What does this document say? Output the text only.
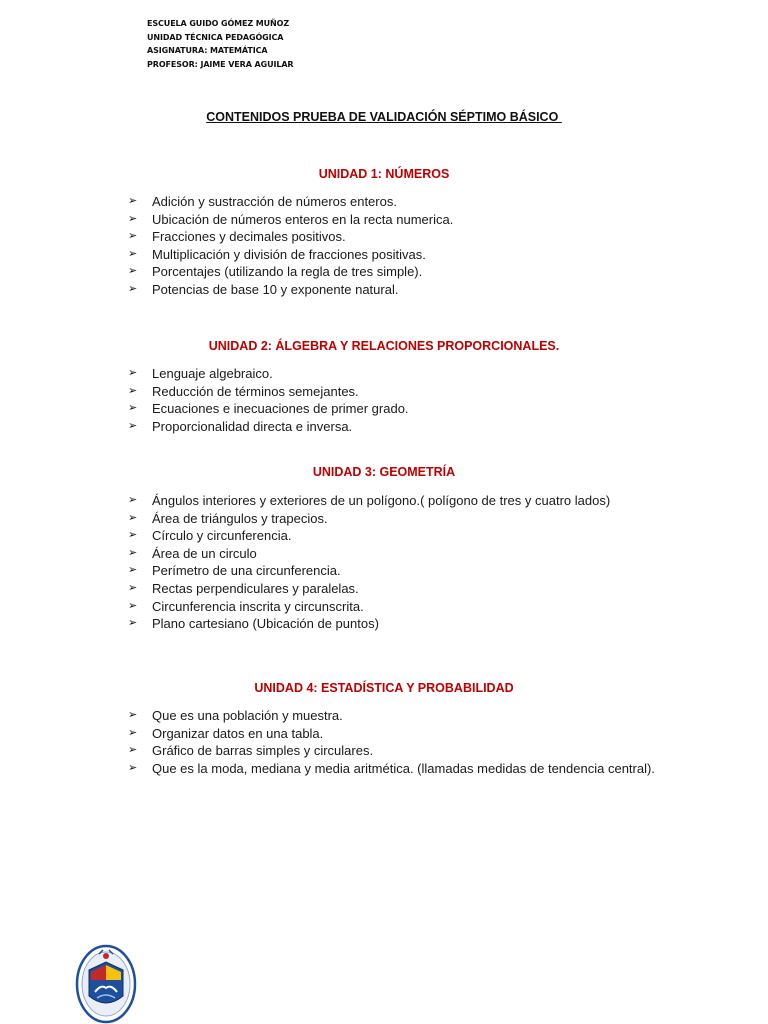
ESCUELA GUIDO GÓMEZ MUÑOZ
UNIDAD TÉCNICA PEDAGÓGICA
ASIGNATURA: MATEMÁTICA
PROFESOR: JAIME VERA AGUILAR
CONTENIDOS PRUEBA DE VALIDACIÓN SÉPTIMO BÁSICO
UNIDAD 1: NÚMEROS
➢ Adición y sustracción de números enteros.
➢ Ubicación de números enteros en la recta numerica.
➢ Fracciones y decimales positivos.
➢ Multiplicación y división de fracciones positivas.
➢ Porcentajes (utilizando la regla de tres simple).
➢ Potencias de base 10 y exponente natural.
UNIDAD 2: ÁLGEBRA Y RELACIONES PROPORCIONALES.
➢ Lenguaje algebraico.
➢ Reducción de términos semejantes.
➢ Ecuaciones e inecuaciones de primer grado.
➢ Proporcionalidad directa e inversa.
UNIDAD 3: GEOMETRÍA
➢ Ángulos interiores y exteriores de un polígono.( polígono de tres y cuatro lados)
➢ Área de triángulos y trapecios.
➢ Círculo y circunferencia.
➢ Área de un circulo
➢ Perímetro de una circunferencia.
➢ Rectas perpendiculares y paralelas.
➢ Circunferencia inscrita y circunscrita.
➢ Plano cartesiano (Ubicación de puntos)
UNIDAD 4: ESTADÍSTICA Y PROBABILIDAD
➢ Que es una población y muestra.
➢ Organizar datos en una tabla.
➢ Gráfico de barras simples y circulares.
➢ Que es la moda, mediana y media aritmética. (llamadas medidas de tendencia central).
